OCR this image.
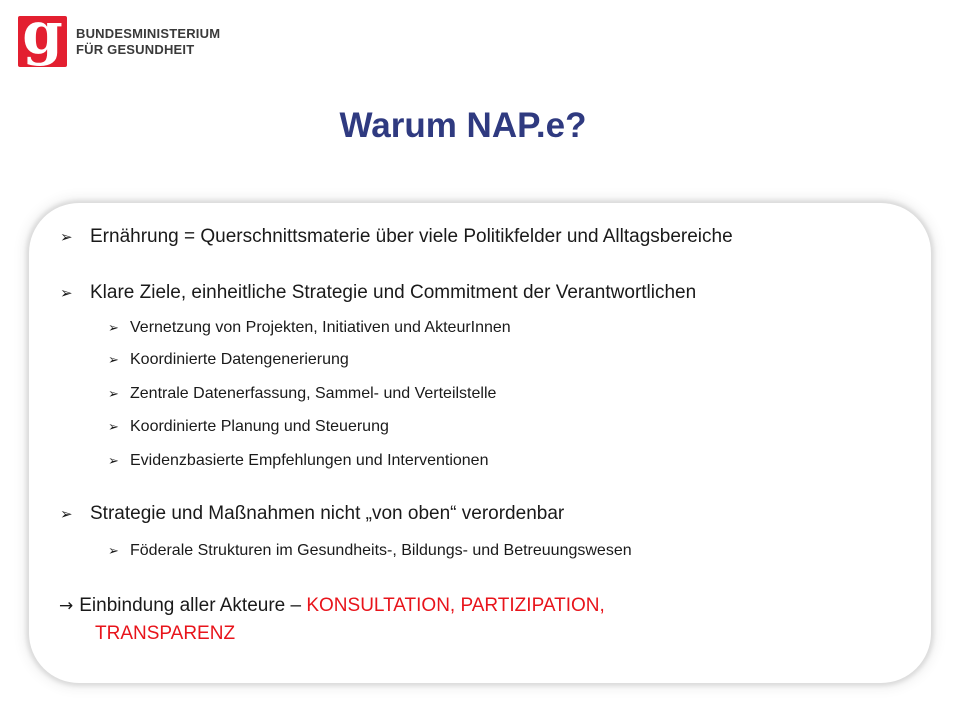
g	BUNDESMINISTERIUM
FÜR GESUNDHEIT
Warum NAP.e?
➢ Ernährung = Querschnittsmaterie über viele Politikfelder und Alltagsbereiche
➢ Klare Ziele, einheitliche Strategie und Commitment der Verantwortlichen
➢ Vernetzung von Projekten, Initiativen und AkteurInnen
➢ Koordinierte Datengenerierung
➢ Zentrale Datenerfassung, Sammel- und Verteilstelle
➢ Koordinierte Planung und Steuerung
➢ Evidenzbasierte Empfehlungen und Interventionen
➢ Strategie und Maßnahmen nicht „von oben“ verordenbar
➢ Föderale Strukturen im Gesundheits-, Bildungs- und Betreuungswesen
→ Einbindung aller Akteure – KONSULTATION, PARTIZIPATION,
TRANSPARENZ
